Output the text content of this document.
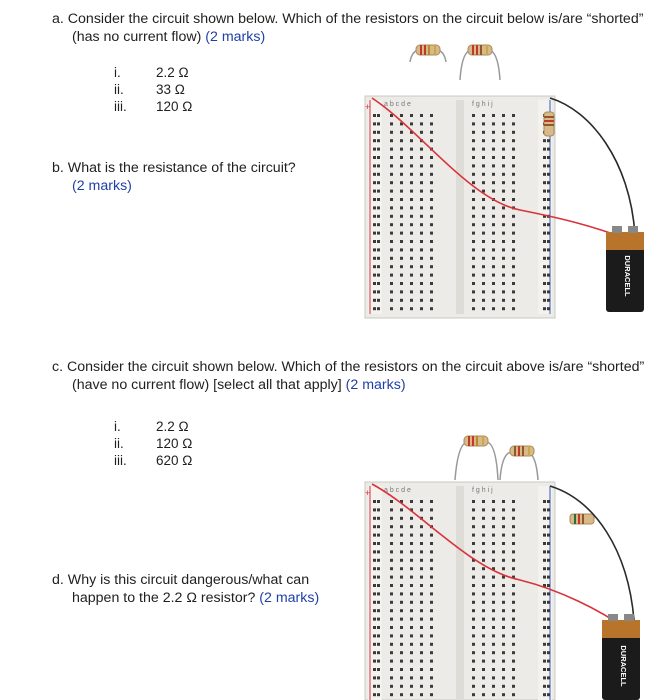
a. Consider the circuit shown below. Which of the resistors on the circuit below is/are “shorted”
(has no current flow) (2 marks)
i.	2.2 Ω
ii.	33 Ω
iii.	120 Ω
b. What is the resistance of the circuit?
(2 marks)
c. Consider the circuit shown below. Which of the resistors on the circuit above is/are “shorted”
(have no current flow) [select all that apply] (2 marks)
i.	2.2 Ω
ii.	120 Ω
iii.	620 Ω
d. Why is this circuit dangerous/what can
happen to the 2.2 Ω resistor? (2 marks)
+ a b c d e	f g h i j
DURACELL
+ a b c d e	f g h i j
DURACELL
